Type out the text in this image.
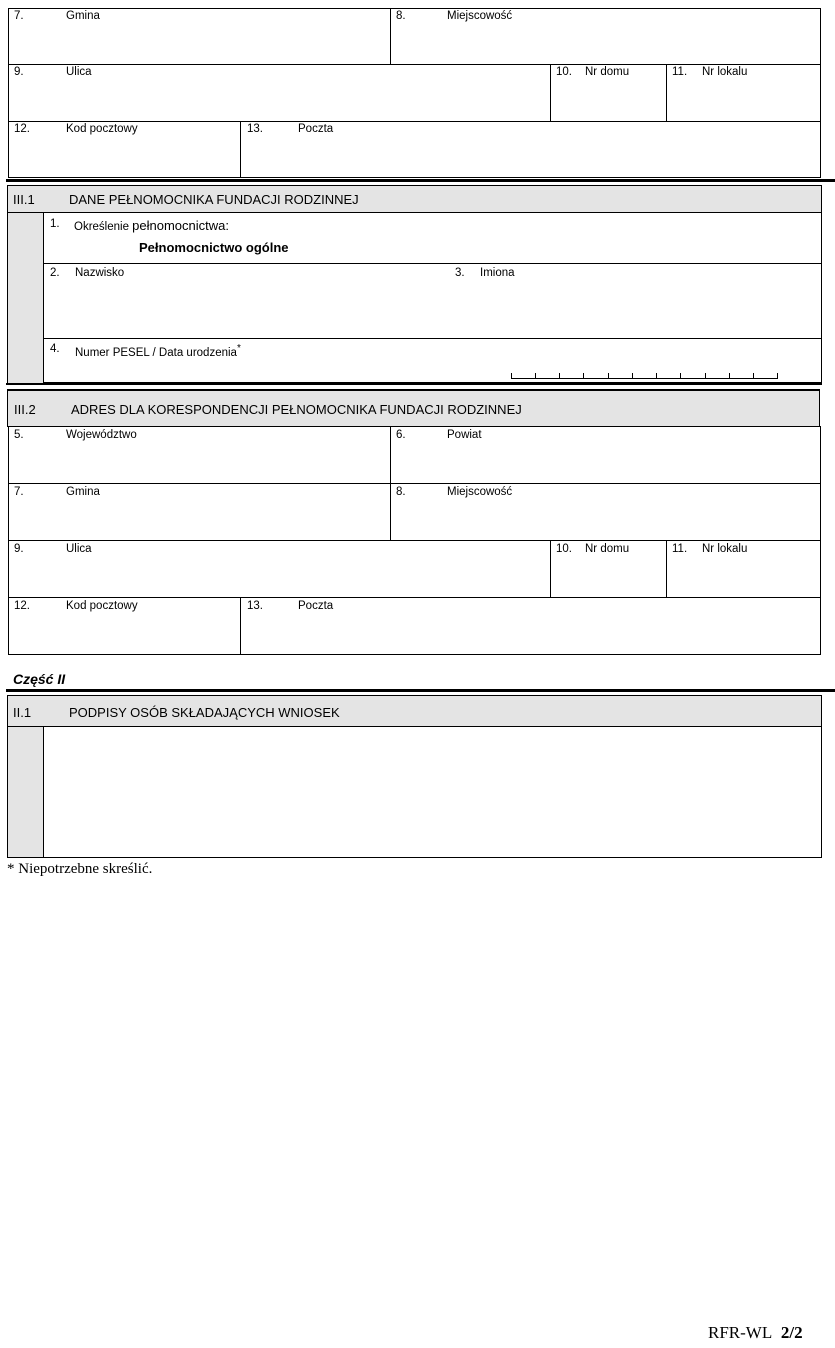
7.	Gmina	8.	Miejscowość
9.	Ulica	10. Nr domu	11. Nr lokalu
12.	Kod pocztowy	13.	Poczta
III.1	DANE PEŁNOMOCNIKA FUNDACJI RODZINNEJ
1. Określenie pełnomocnictwa:
Pełnomocnictwo ogólne
2. Nazwisko	3. Imiona
4. Numer PESEL / Data urodzenia*
III.2	ADRES DLA KORESPONDENCJI PEŁNOMOCNIKA FUNDACJI RODZINNEJ
5.	Województwo	6.	Powiat
7.	Gmina	8.	Miejscowość
9.	Ulica	10. Nr domu	11. Nr lokalu
12.	Kod pocztowy	13.	Poczta
Część II
II.1	PODPISY OSÓB SKŁADAJĄCYCH WNIOSEK
* Niepotrzebne skreślić.
RFR-WL 2/2
